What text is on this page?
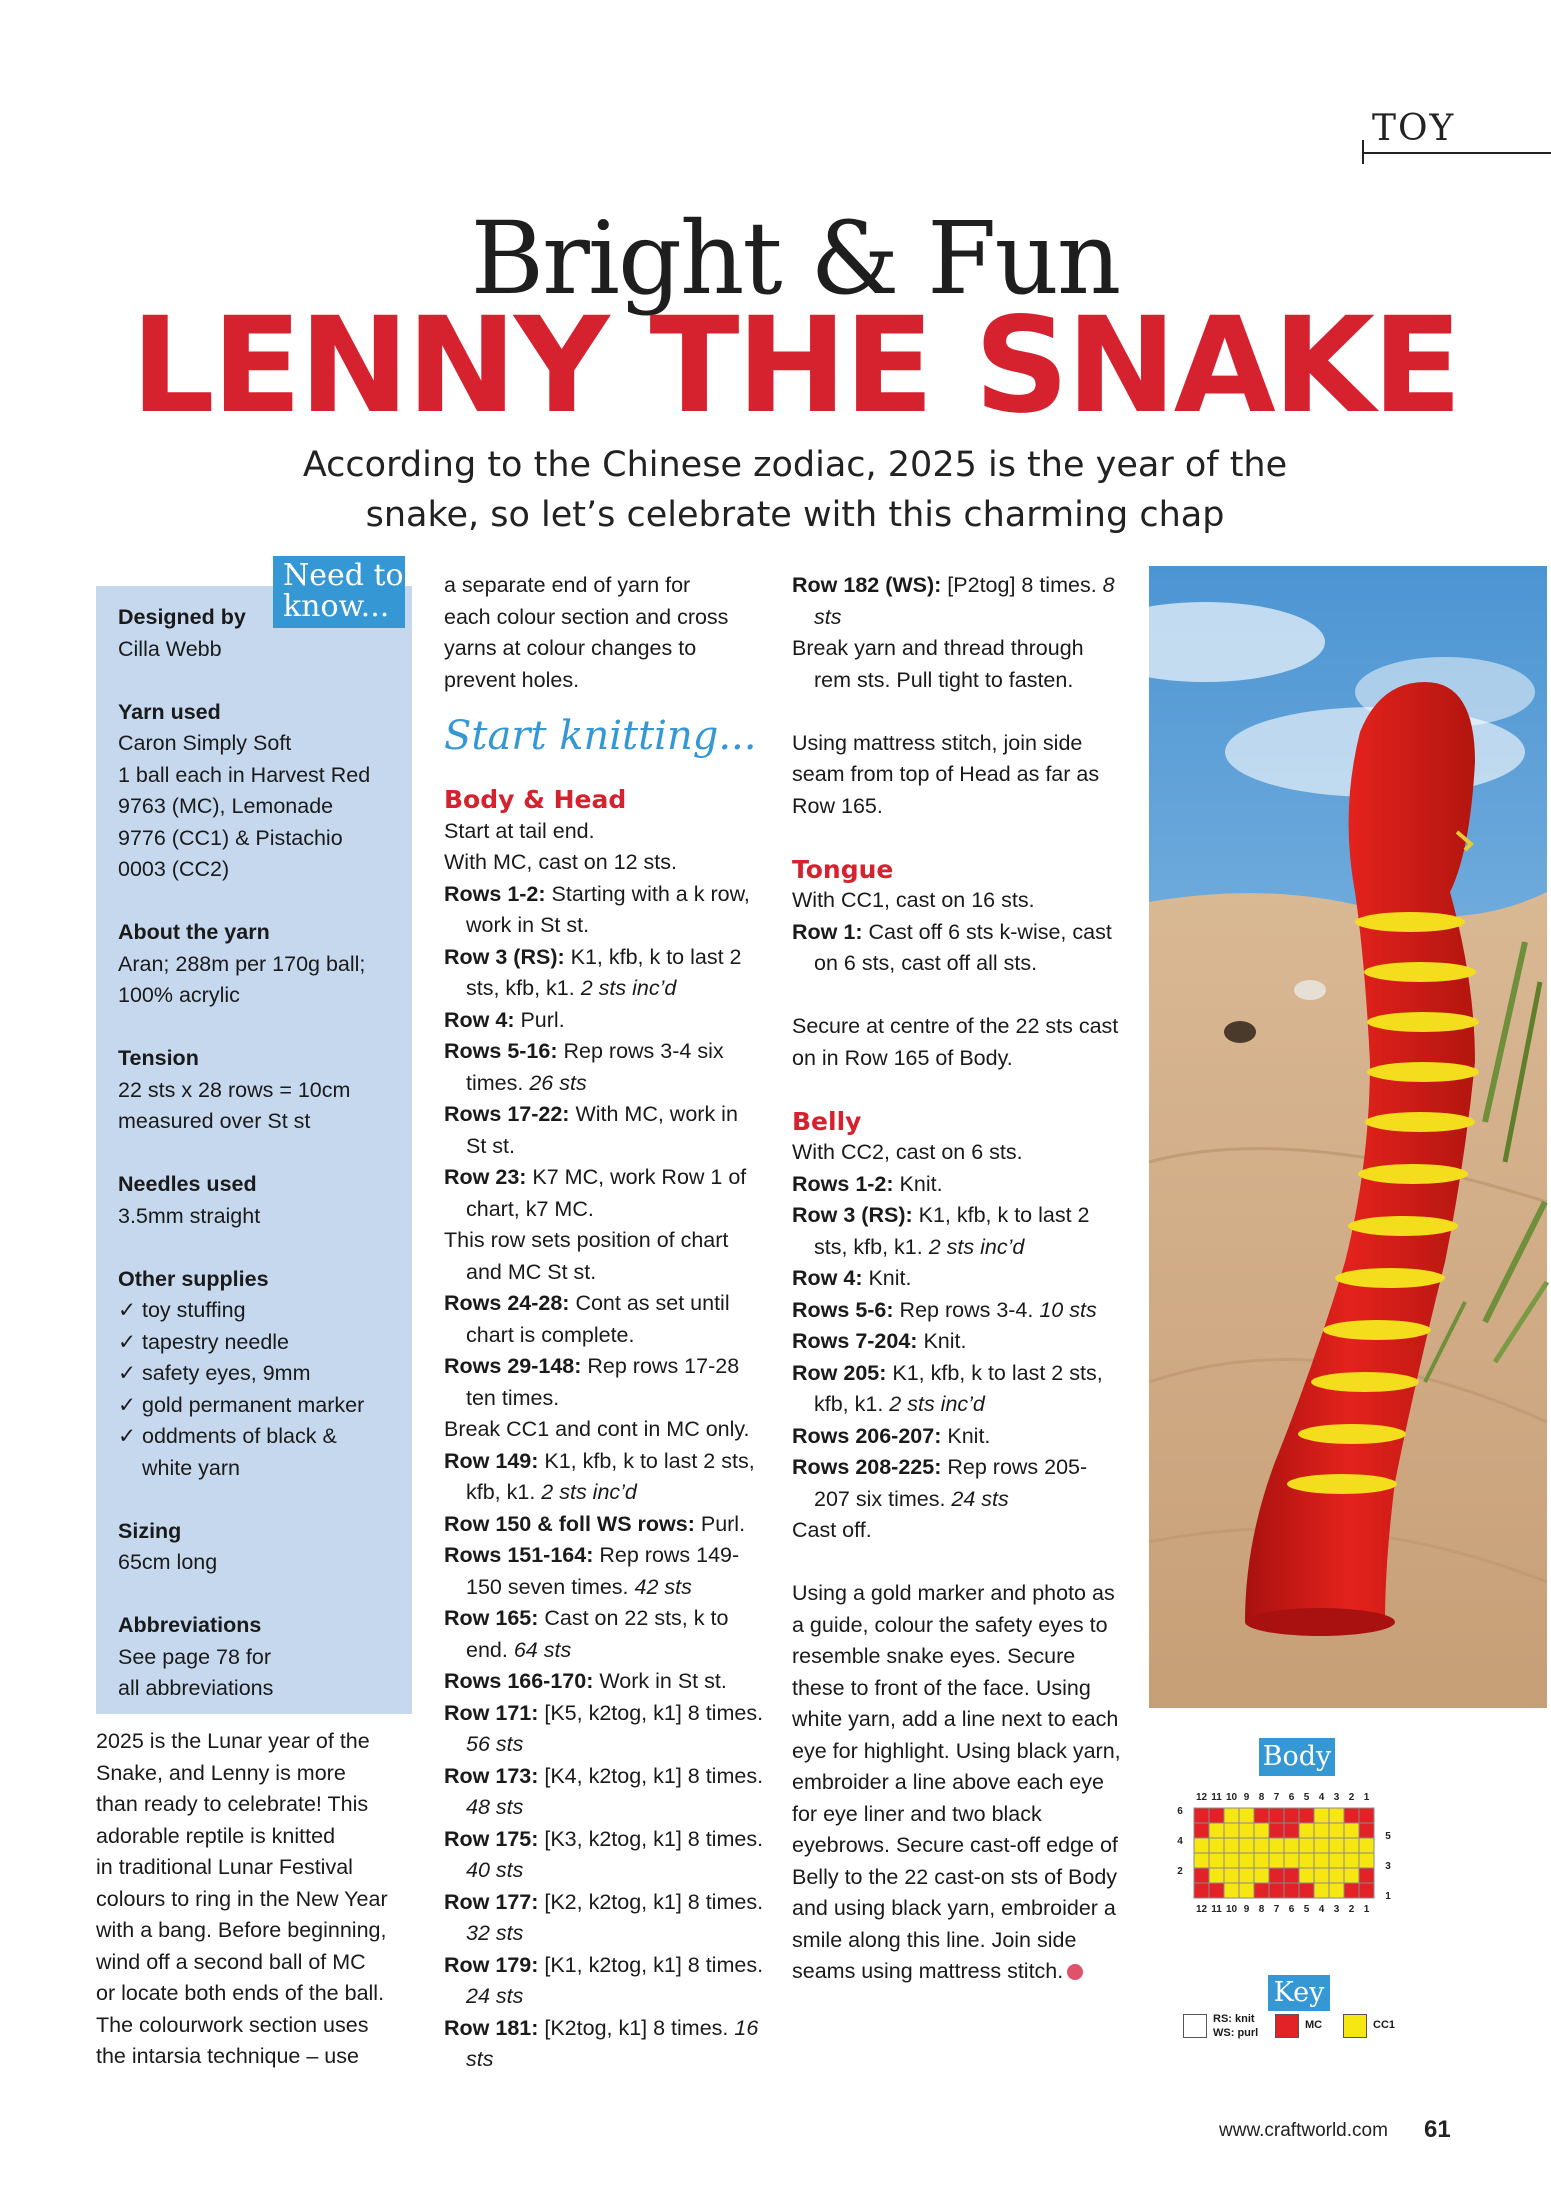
TOY
Bright & Fun
LENNY THE SNAKE
According to the Chinese zodiac, 2025 is the year of the
snake, so let’s celebrate with this charming chap
Need to
know...
Designed by
Cilla Webb
Yarn used
Caron Simply Soft
1 ball each in Harvest Red
9763 (MC), Lemonade
9776 (CC1) & Pistachio
0003 (CC2)
About the yarn
Aran; 288m per 170g ball;
100% acrylic
Tension
22 sts x 28 rows = 10cm
measured over St st
Needles used
3.5mm straight
Other supplies
✓ toy stuffing
✓ tapestry needle
✓ safety eyes, 9mm
✓ gold permanent marker
✓ oddments of black & white yarn
Sizing
65cm long
Abbreviations
See page 78 for
all abbreviations
2025 is the Lunar year of the
Snake, and Lenny is more
than ready to celebrate! This
adorable reptile is knitted
in traditional Lunar Festival
colours to ring in the New Year
with a bang. Before beginning,
wind off a second ball of MC
or locate both ends of the ball.
The colourwork section uses
the intarsia technique – use
a separate end of yarn for
each colour section and cross
yarns at colour changes to
prevent holes.
Start knitting...
Body & Head
Start at tail end.
With MC, cast on 12 sts.
Rows 1-2: Starting with a k row, work in St st.
Row 3 (RS): K1, kfb, k to last 2 sts, kfb, k1. 2 sts inc’d
Row 4: Purl.
Rows 5-16: Rep rows 3-4 six times. 26 sts
Rows 17-22: With MC, work in St st.
Row 23: K7 MC, work Row 1 of chart, k7 MC.
This row sets position of chart and MC St st.
Rows 24-28: Cont as set until chart is complete.
Rows 29-148: Rep rows 17-28 ten times.
Break CC1 and cont in MC only.
Row 149: K1, kfb, k to last 2 sts, kfb, k1. 2 sts inc’d
Row 150 & foll WS rows: Purl.
Rows 151-164: Rep rows 149-150 seven times. 42 sts
Row 165: Cast on 22 sts, k to end. 64 sts
Rows 166-170: Work in St st.
Row 171: [K5, k2tog, k1] 8 times. 56 sts
Row 173: [K4, k2tog, k1] 8 times. 48 sts
Row 175: [K3, k2tog, k1] 8 times. 40 sts
Row 177: [K2, k2tog, k1] 8 times. 32 sts
Row 179: [K1, k2tog, k1] 8 times. 24 sts
Row 181: [K2tog, k1] 8 times. 16 sts
Row 182 (WS): [P2tog] 8 times. 8 sts
Break yarn and thread through rem sts. Pull tight to fasten.
Using mattress stitch, join side seam from top of Head as far as Row 165.
Tongue
With CC1, cast on 16 sts.
Row 1: Cast off 6 sts k-wise, cast on 6 sts, cast off all sts.
Secure at centre of the 22 sts cast on in Row 165 of Body.
Belly
With CC2, cast on 6 sts.
Rows 1-2: Knit.
Row 3 (RS): K1, kfb, k to last 2 sts, kfb, k1. 2 sts inc’d
Row 4: Knit.
Rows 5-6: Rep rows 3-4. 10 sts
Rows 7-204: Knit.
Row 205: K1, kfb, k to last 2 sts, kfb, k1. 2 sts inc’d
Rows 206-207: Knit.
Rows 208-225: Rep rows 205-207 six times. 24 sts
Cast off.
Using a gold marker and photo as a guide, colour the safety eyes to resemble snake eyes. Secure these to front of the face. Using white yarn, add a line next to each eye for highlight. Using black yarn, embroider a line above each eye for eye liner and two black eyebrows. Secure cast-off edge of Belly to the 22 cast-on sts of Body and using black yarn, embroider a smile along this line. Join side seams using mattress stitch.
Body
12
12
11
11
10
10
9
9
8
8
7
7
6
6
5
5
4
4
3
3
2
2
1
1
6
4
2
5
3
1
Key
RS: knit
WS: purl
MC	CC1
www.craftworld.com 61
